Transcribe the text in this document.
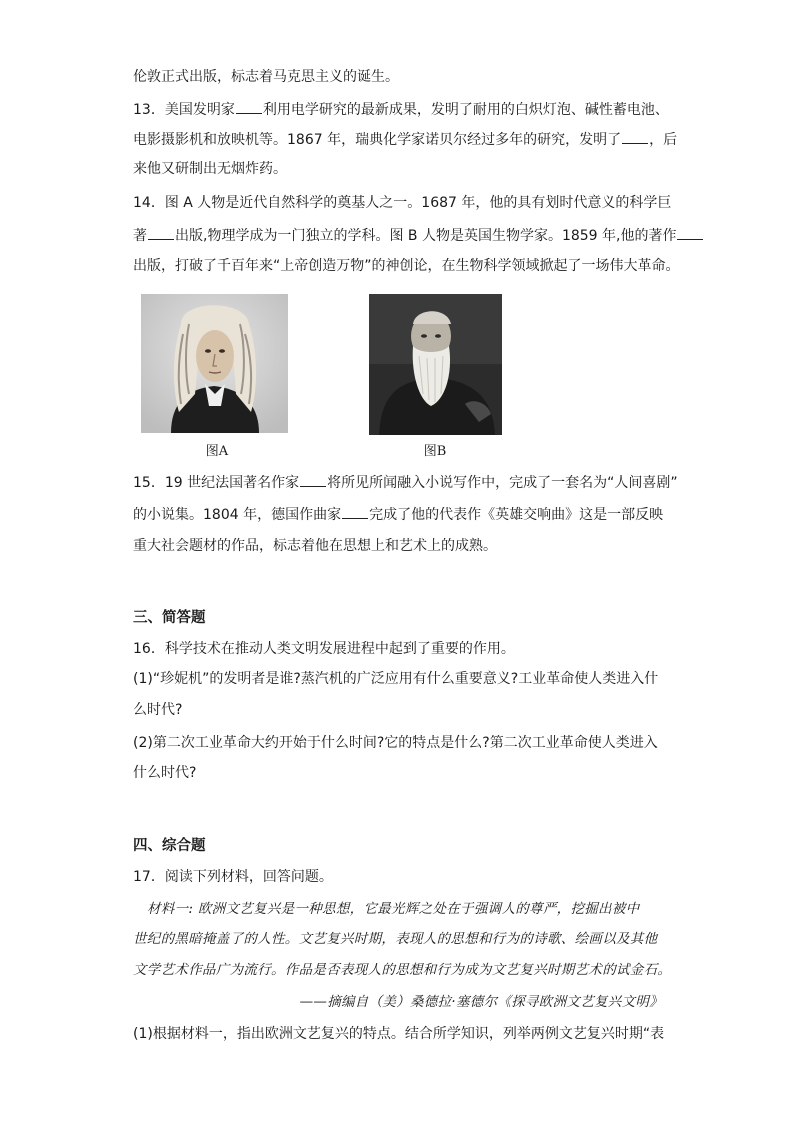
伦敦正式出版，标志着马克思主义的诞生。
13．美国发明家 利用电学研究的最新成果，发明了耐用的白炽灯泡、碱性蓄电池、
电影摄影机和放映机等。1867 年，瑞典化学家诺贝尔经过多年的研究，发明了 ，后
来他又研制出无烟炸药。
14．图 A 人物是近代自然科学的奠基人之一。1687 年，他的具有划时代意义的科学巨
著 出版,物理学成为一门独立的学科。图 B 人物是英国生物学家。1859 年,他的著作
出版，打破了千百年来“上帝创造万物”的神创论，在生物科学领域掀起了一场伟大革命。
图A	图B
15．19 世纪法国著名作家 将所见所闻融入小说写作中，完成了一套名为“人间喜剧”
的小说集。1804 年，德国作曲家 完成了他的代表作《英雄交响曲》这是一部反映
重大社会题材的作品，标志着他在思想上和艺术上的成熟。
三、简答题
16．科学技术在推动人类文明发展进程中起到了重要的作用。
(1)“珍妮机”的发明者是谁?蒸汽机的广泛应用有什么重要意义?工业革命使人类进入什
么时代?
(2)第二次工业革命大约开始于什么时间?它的特点是什么?第二次工业革命使人类进入
什么时代?
四、综合题
17．阅读下列材料，回答问题。
材料一: 欧洲文艺复兴是一种思想，它最光辉之处在于强调人的尊严，挖掘出被中
世纪的黑暗掩盖了的人性。文艺复兴时期，表现人的思想和行为的诗歌、绘画以及其他
文学艺术作品广为流行。作品是否表现人的思想和行为成为文艺复兴时期艺术的试金石。
——摘编自（美）桑德拉·塞德尔《探寻欧洲文艺复兴文明》
(1)根据材料一，指出欧洲文艺复兴的特点。结合所学知识，列举两例文艺复兴时期“表
